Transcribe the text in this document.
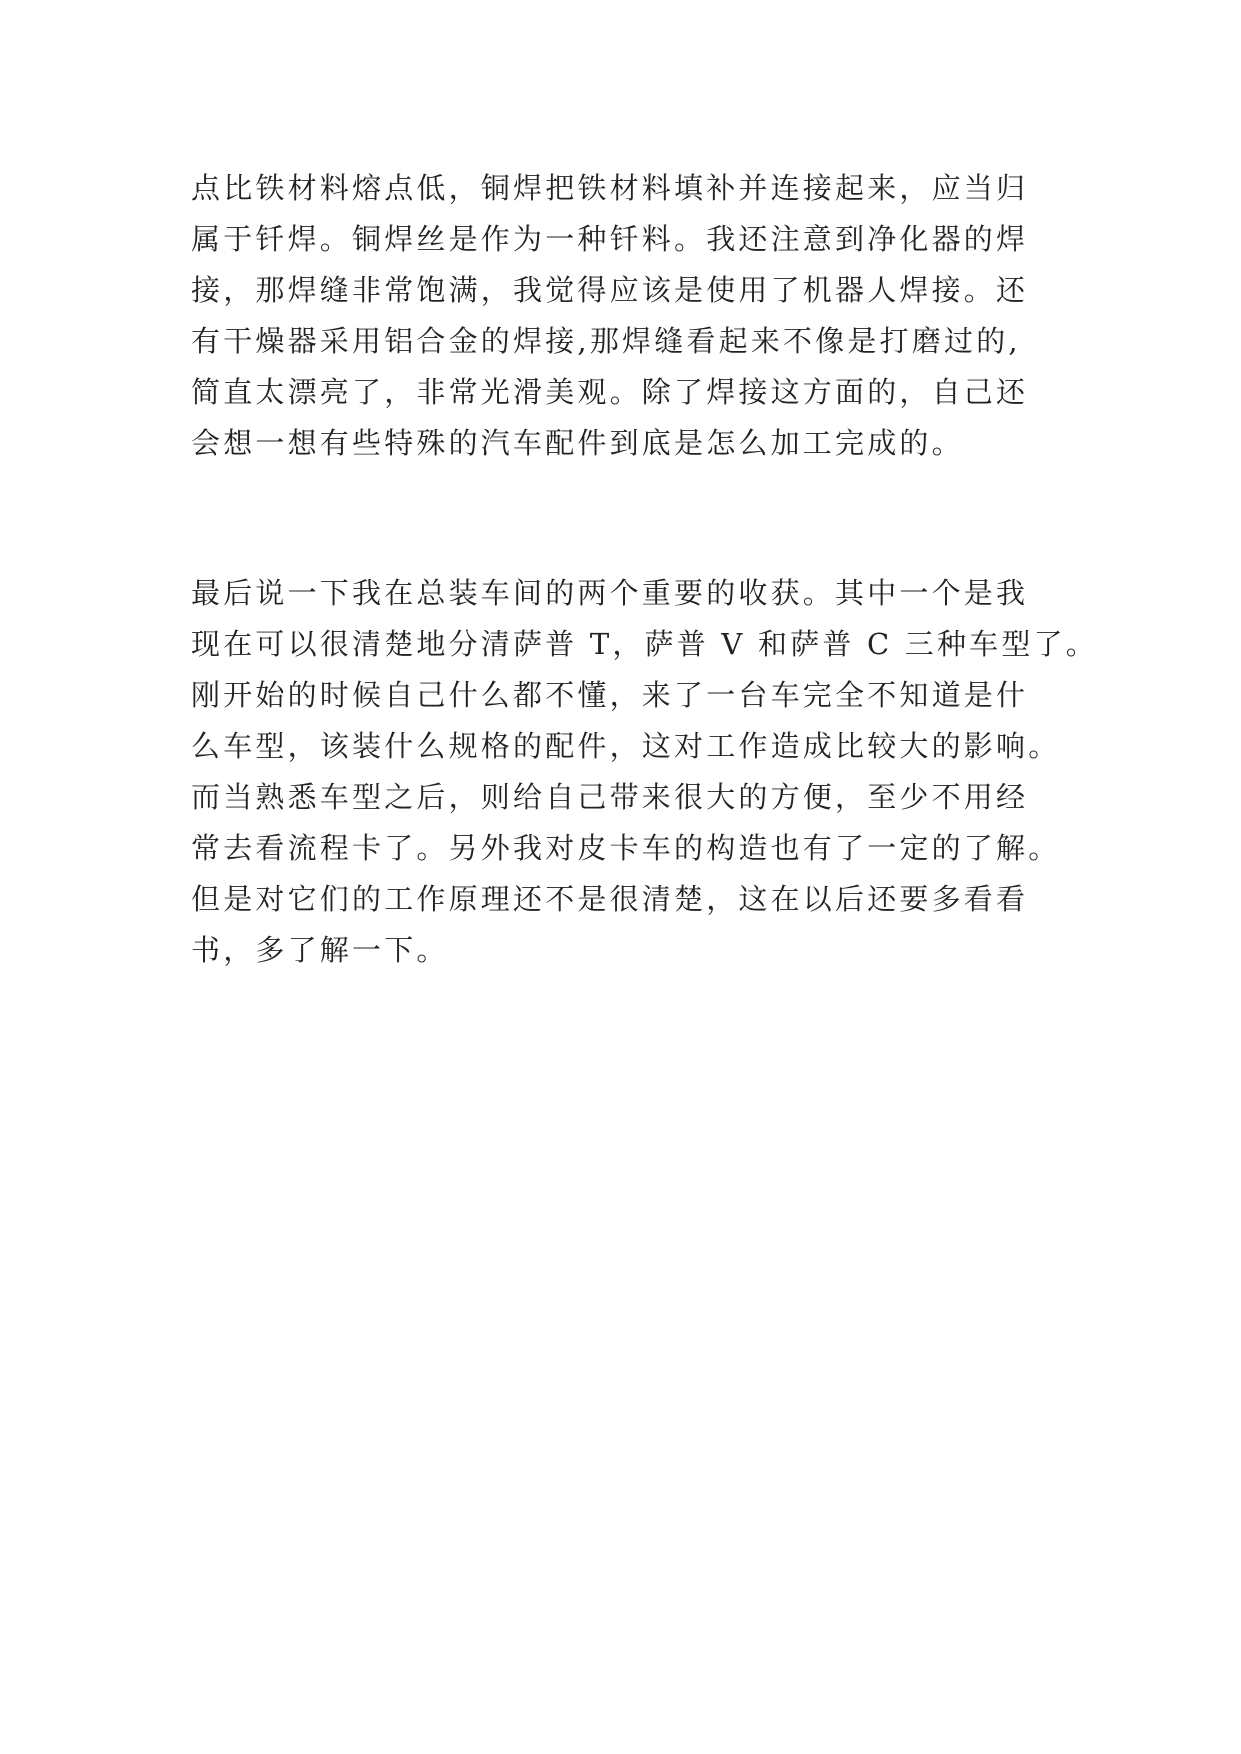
点比铁材料熔点低，铜焊把铁材料填补并连接起来，应当归
属于钎焊。铜焊丝是作为一种钎料。我还注意到净化器的焊
接，那焊缝非常饱满，我觉得应该是使用了机器人焊接。还
有干燥器采用铝合金的焊接,那焊缝看起来不像是打磨过的,
简直太漂亮了，非常光滑美观。除了焊接这方面的，自己还
会想一想有些特殊的汽车配件到底是怎么加工完成的。
最后说一下我在总装车间的两个重要的收获。其中一个是我
现在可以很清楚地分清萨普 T，萨普 V 和萨普 C 三种车型了。
刚开始的时候自己什么都不懂，来了一台车完全不知道是什
么车型，该装什么规格的配件，这对工作造成比较大的影响。
而当熟悉车型之后，则给自己带来很大的方便，至少不用经
常去看流程卡了。另外我对皮卡车的构造也有了一定的了解。
但是对它们的工作原理还不是很清楚，这在以后还要多看看
书，多了解一下。
